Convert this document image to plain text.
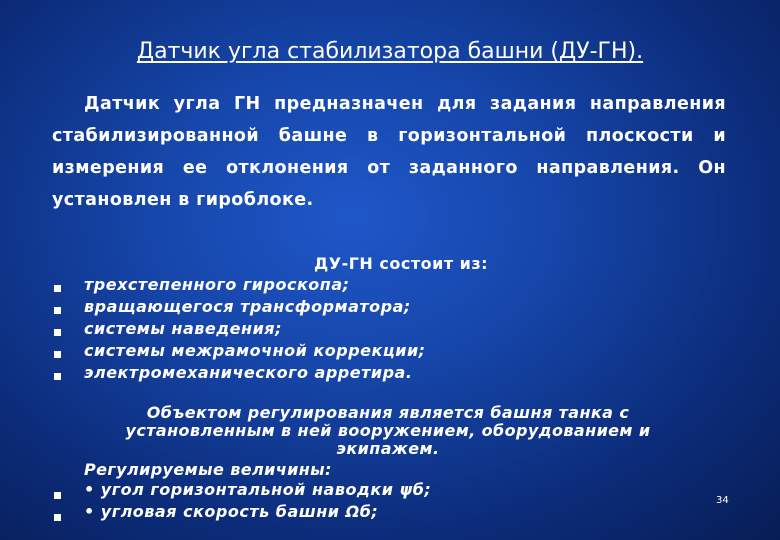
Датчик угла стабилизатора башни (ДУ-ГН).
Датчик угла ГН предназначен для задания направления стабилизированной башне в горизонтальной плоскости и измерения ее отклонения от заданного направления. Он установлен в гироблоке.
ДУ-ГН состоит из:
трехстепенного гироскопа;
вращающегося трансформатора;
системы наведения;
системы межрамочной коррекции;
электромеханического арретира.
Объектом регулирования является башня танка с
установленным в ней вооружением, оборудованием и
экипажем.
Регулируемые величины:
• угол горизонтальной наводки ψб;
• угловая скорость башни Ωб;
34
